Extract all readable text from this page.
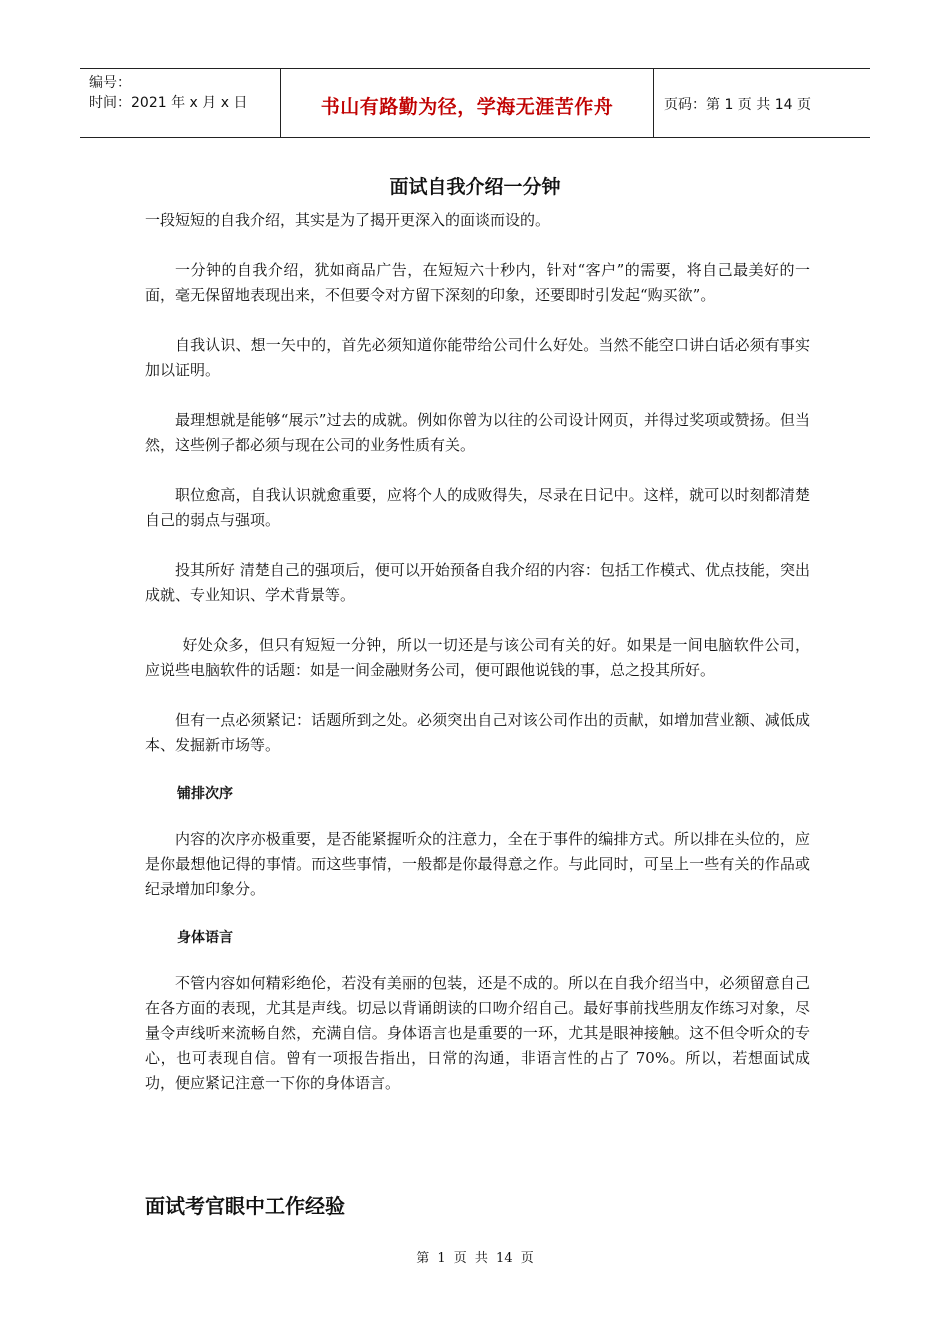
编号：
时间：2021 年 x 月 x 日	书山有路勤为径，学海无涯苦作舟	页码：第 1 页 共 14 页
面试自我介绍一分钟

一段短短的自我介绍，其实是为了揭开更深入的面谈而设的。

一分钟的自我介绍，犹如商品广告，在短短六十秒内，针对“客户”的需要，将自己最美好的一面，毫无保留地表现出来，不但要令对方留下深刻的印象，还要即时引发起“购买欲”。

自我认识、想一矢中的，首先必须知道你能带给公司什么好处。当然不能空口讲白话必须有事实加以证明。

最理想就是能够“展示”过去的成就。例如你曾为以往的公司设计网页，并得过奖项或赞扬。但当然，这些例子都必须与现在公司的业务性质有关。

职位愈高，自我认识就愈重要，应将个人的成败得失，尽录在日记中。这样，就可以时刻都清楚自己的弱点与强项。

投其所好 清楚自己的强项后，便可以开始预备自我介绍的内容：包括工作模式、优点技能，突出成就、专业知识、学术背景等。

好处众多，但只有短短一分钟，所以一切还是与该公司有关的好。如果是一间电脑软件公司，应说些电脑软件的话题：如是一间金融财务公司，便可跟他说钱的事，总之投其所好。

但有一点必须紧记：话题所到之处。必须突出自己对该公司作出的贡献，如增加营业额、减低成本、发掘新市场等。

铺排次序

内容的次序亦极重要，是否能紧握听众的注意力，全在于事件的编排方式。所以排在头位的，应是你最想他记得的事情。而这些事情，一般都是你最得意之作。与此同时，可呈上一些有关的作品或纪录增加印象分。

身体语言

不管内容如何精彩绝伦，若没有美丽的包装，还是不成的。所以在自我介绍当中，必须留意自己在各方面的表现，尤其是声线。切忌以背诵朗读的口吻介绍自己。最好事前找些朋友作练习对象，尽量令声线听来流畅自然，充满自信。身体语言也是重要的一环，尤其是眼神接触。这不但令听众的专心，也可表现自信。曾有一项报告指出，日常的沟通，非语言性的占了 70%。所以，若想面试成功，便应紧记注意一下你的身体语言。

面试考官眼中工作经验
第 1 页 共 14 页
